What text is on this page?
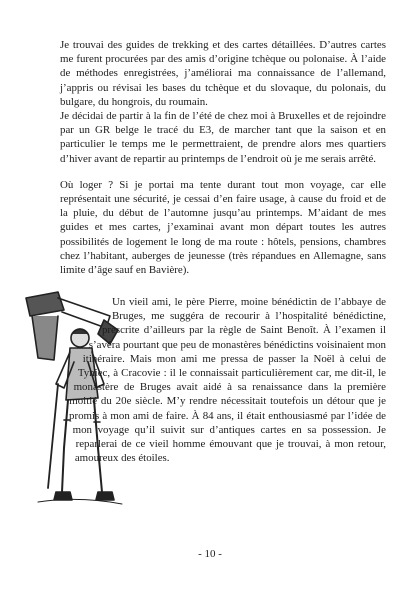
Je trouvai des guides de trekking et des cartes détaillées. D’autres cartes me furent procurées par des amis d’origine tchèque ou polonaise. À l’aide de méthodes enregistrées, j’améliorai ma connaissance de l’allemand, j’appris ou révisai les bases du tchèque et du slovaque, du polonais, du bulgare, du hongrois, du roumain.

Je décidai de partir à la fin de l’été de chez moi à Bruxelles et de rejoindre par un GR belge le tracé du E3, de marcher tant que la saison et en particulier le temps me le permettraient, de prendre alors mes quartiers d’hiver avant de repartir au printemps de l’endroit où je me serais arrêté.

Où loger ? Si je portai ma tente durant tout mon voyage, car elle représentait une sécurité, je cessai d’en faire usage, à cause du froid et de la pluie, du début de l’automne jusqu’au printemps. M’aidant de mes guides et mes cartes, j’examinai avant mon départ toutes les autres possibilités de logement le long de ma route : hôtels, pensions, chambres chez l’habitant, auberges de jeunesse (très répandues en Allemagne, sans limite d’âge sauf en Bavière).

Un vieil ami, le père Pierre, moine bénédictin de l’abbaye de Bruges, me suggéra de recourir à l’hospitalité bénédictine, prescrite d’ailleurs par la règle de Saint Benoît. À l’examen il s’avéra pourtant que peu de monastères bénédictins voisinaient mon itinéraire. Mais mon ami me pressa de passer la Noël à celui de Tyniec, à Cracovie : il le connaissait particulièrement car, me dit-il, le monastère de Bruges avait aidé à sa renaissance dans la première moitié du 20e siècle. M’y rendre nécessitait toutefois un détour que je promis à mon ami de faire. À 84 ans, il était enthousiasmé par l’idée de mon voyage qu’il suivit sur d’antiques cartes en sa possession. Je reparlerai de ce vieil homme émouvant que je trouvai, à mon retour, amoureux des étoiles.

- 10 -
